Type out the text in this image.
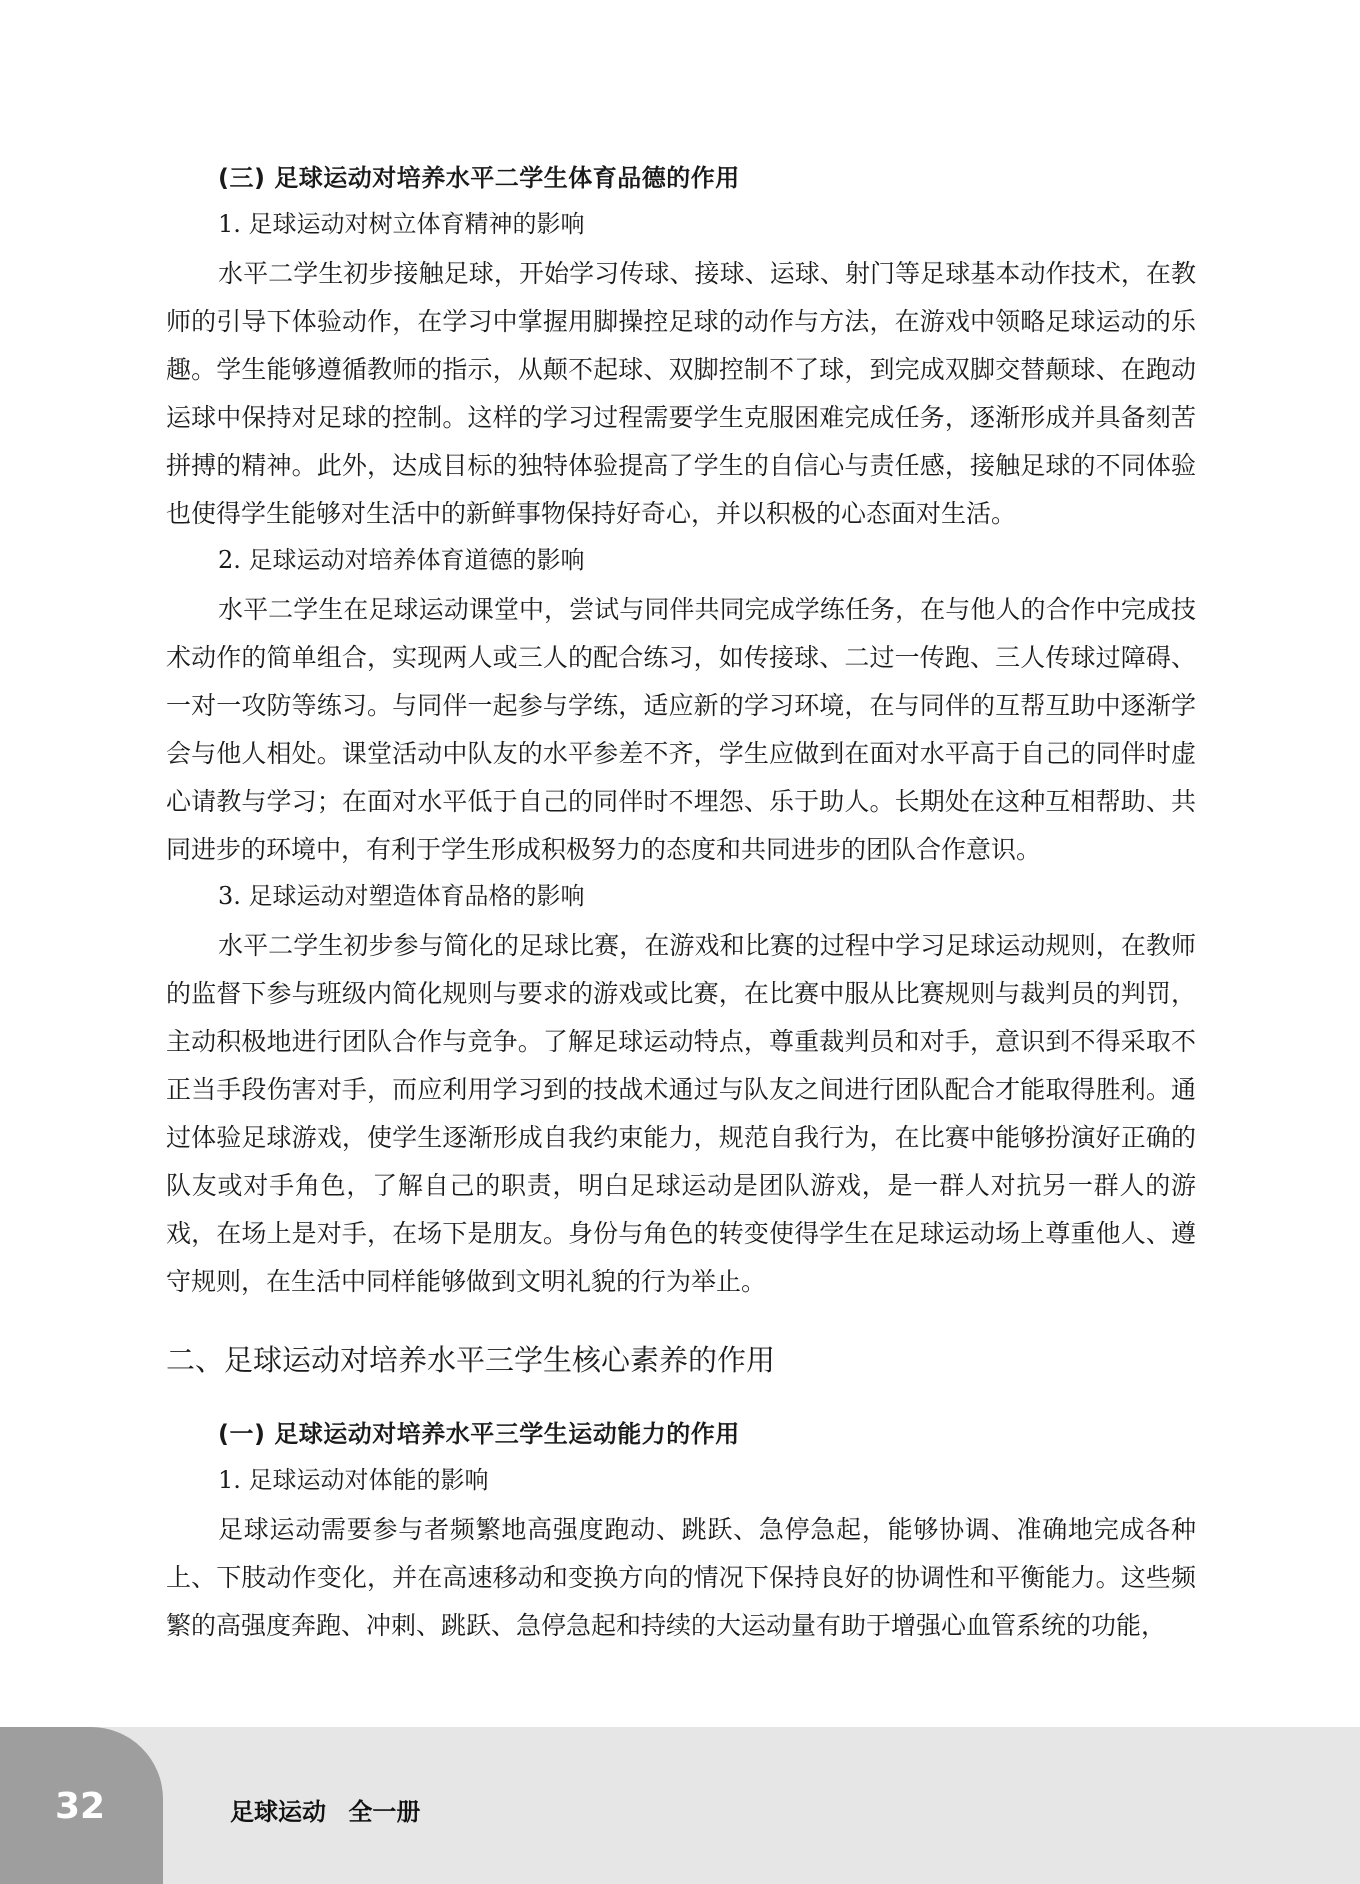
(三) 足球运动对培养水平二学生体育品德的作用
1. 足球运动对树立体育精神的影响

水平二学生初步接触足球，开始学习传球、接球、运球、射门等足球基本动作技术，在教师的引导下体验动作，在学习中掌握用脚操控足球的动作与方法，在游戏中领略足球运动的乐趣。学生能够遵循教师的指示，从颠不起球、双脚控制不了球，到完成双脚交替颠球、在跑动运球中保持对足球的控制。这样的学习过程需要学生克服困难完成任务，逐渐形成并具备刻苦拼搏的精神。此外，达成目标的独特体验提高了学生的自信心与责任感，接触足球的不同体验也使得学生能够对生活中的新鲜事物保持好奇心，并以积极的心态面对生活。

2. 足球运动对培养体育道德的影响

水平二学生在足球运动课堂中，尝试与同伴共同完成学练任务，在与他人的合作中完成技术动作的简单组合，实现两人或三人的配合练习，如传接球、二过一传跑、三人传球过障碍、一对一攻防等练习。与同伴一起参与学练，适应新的学习环境，在与同伴的互帮互助中逐渐学会与他人相处。课堂活动中队友的水平参差不齐，学生应做到在面对水平高于自己的同伴时虚心请教与学习；在面对水平低于自己的同伴时不埋怨、乐于助人。长期处在这种互相帮助、共同进步的环境中，有利于学生形成积极努力的态度和共同进步的团队合作意识。

3. 足球运动对塑造体育品格的影响

水平二学生初步参与简化的足球比赛，在游戏和比赛的过程中学习足球运动规则，在教师的监督下参与班级内简化规则与要求的游戏或比赛，在比赛中服从比赛规则与裁判员的判罚，主动积极地进行团队合作与竞争。了解足球运动特点，尊重裁判员和对手，意识到不得采取不正当手段伤害对手，而应利用学习到的技战术通过与队友之间进行团队配合才能取得胜利。通过体验足球游戏，使学生逐渐形成自我约束能力，规范自我行为，在比赛中能够扮演好正确的队友或对手角色，了解自己的职责，明白足球运动是团队游戏，是一群人对抗另一群人的游戏，在场上是对手，在场下是朋友。身份与角色的转变使得学生在足球运动场上尊重他人、遵守规则，在生活中同样能够做到文明礼貌的行为举止。

二、足球运动对培养水平三学生核心素养的作用
(一) 足球运动对培养水平三学生运动能力的作用
1. 足球运动对体能的影响

足球运动需要参与者频繁地高强度跑动、跳跃、急停急起，能够协调、准确地完成各种上、下肢动作变化，并在高速移动和变换方向的情况下保持良好的协调性和平衡能力。这些频繁的高强度奔跑、冲刺、跳跃、急停急起和持续的大运动量有助于增强心血管系统的功能，

32	足球运动 全一册
